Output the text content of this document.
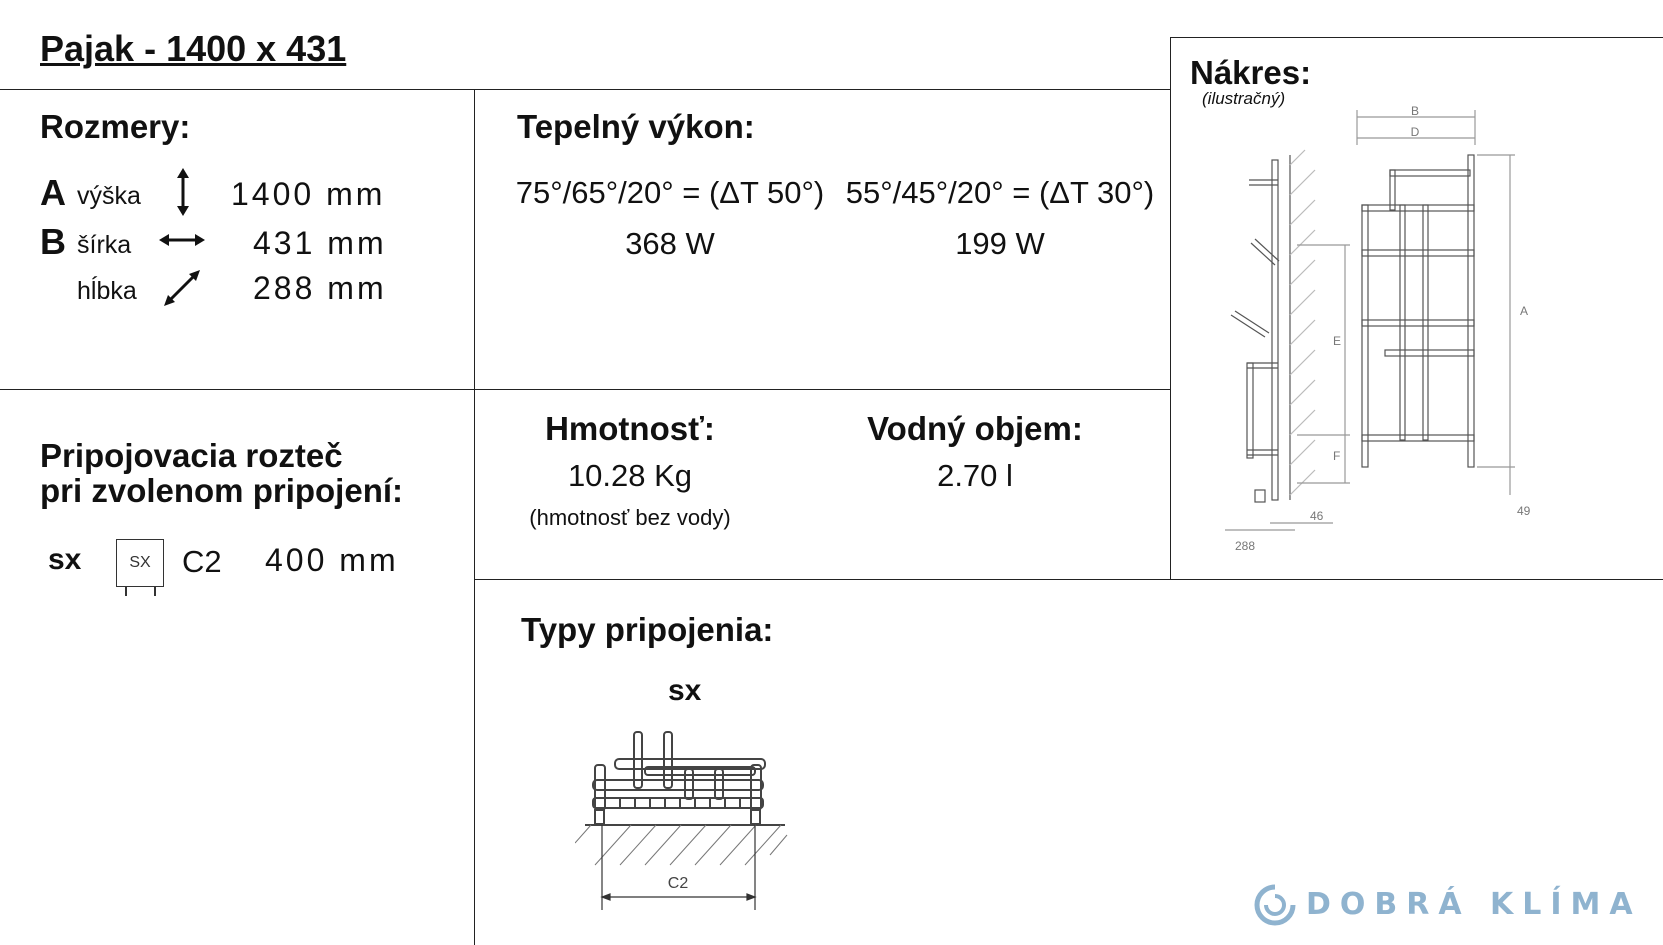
Pajak - 1400 x 431
Rozmery:
A výška	1400 mm
B šírka	431 mm
hĺbka	288 mm
Tepelný výkon:
75°/65°/20° = (ΔT 50°)
368 W
55°/45°/20° = (ΔT 30°)
199 W
Pripojovacia rozteč
pri zvolenom pripojení:
sx	SX	C2 400 mm
Hmotnosť:
10.28 Kg
(hmotnosť bez vody)
Vodný objem:
2.70 l
Typy pripojenia:
sx
C2
Nákres:
(ilustračný)
B
D
A
E
F
288
46	49
DOBRÁ KLÍMA
